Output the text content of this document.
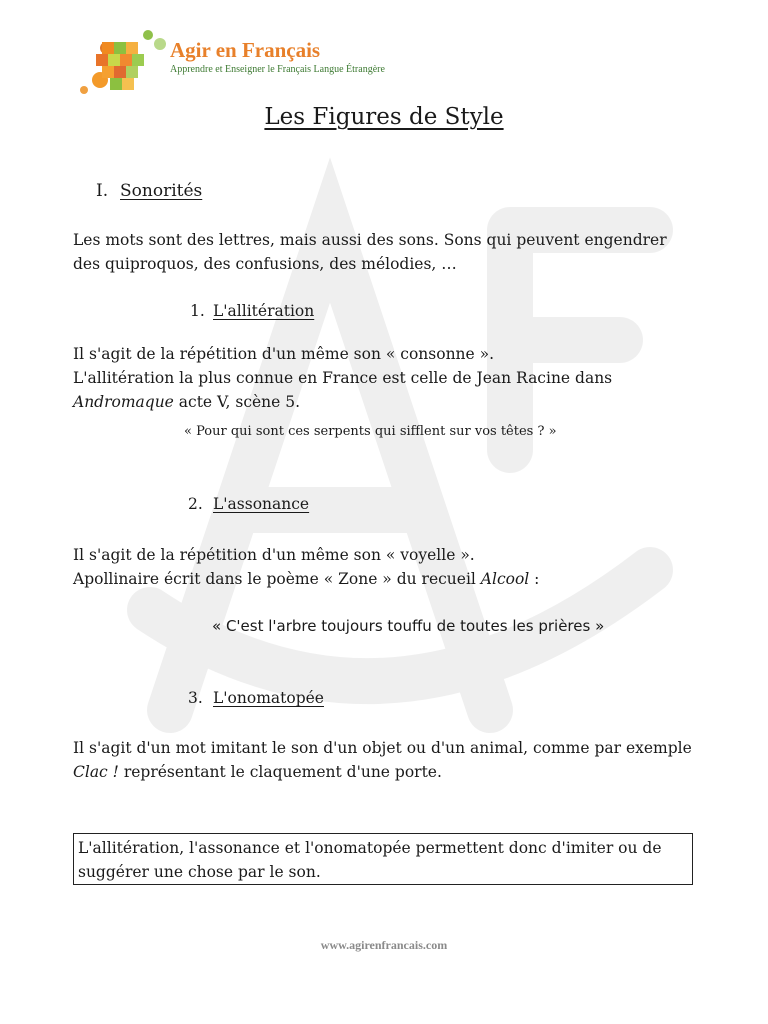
Agir en Français
Apprendre et Enseigner le Français Langue Étrangère
Les Figures de Style
I. Sonorités
Les mots sont des lettres, mais aussi des sons. Sons qui peuvent engendrer
des quiproquos, des confusions, des mélodies, …
1. L'allitération
Il s'agit de la répétition d'un même son « consonne ».
L'allitération la plus connue en France est celle de Jean Racine dans
Andromaque acte V, scène 5.
« Pour qui sont ces serpents qui sifflent sur vos têtes ? »
2. L'assonance
Il s'agit de la répétition d'un même son « voyelle ».
Apollinaire écrit dans le poème « Zone » du recueil Alcool :
« C'est l'arbre toujours touffu de toutes les prières »
3. L'onomatopée
Il s'agit d'un mot imitant le son d'un objet ou d'un animal, comme par exemple
Clac ! représentant le claquement d'une porte.
L'allitération, l'assonance et l'onomatopée permettent donc d'imiter ou de
suggérer une chose par le son.
www.agirenfrancais.com
